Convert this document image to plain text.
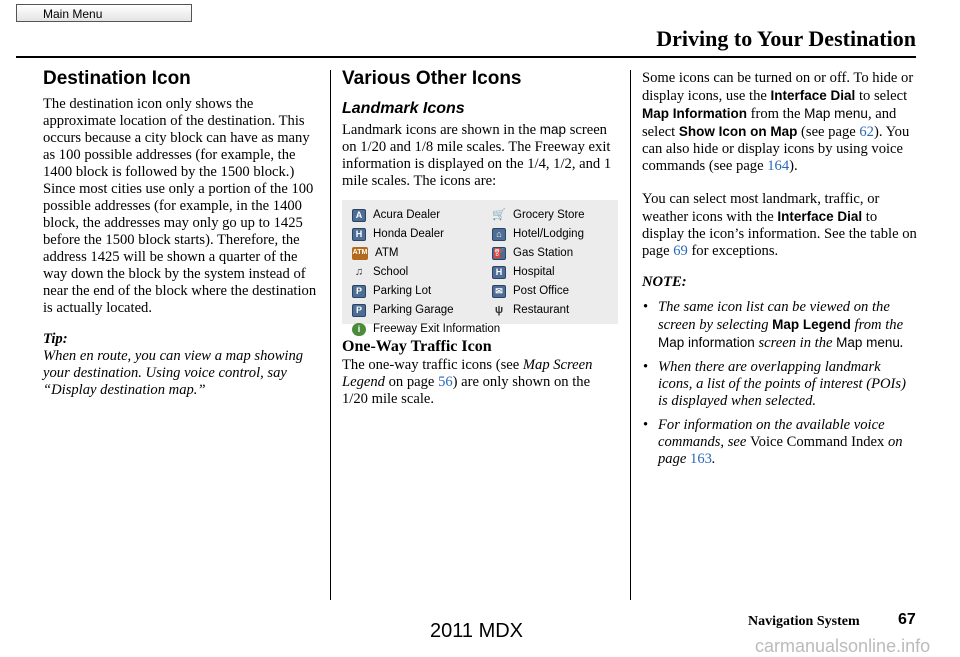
Main Menu
Driving to Your Destination
Destination Icon

The destination icon only shows the approximate location of the destination. This occurs because a city block can have as many as 100 possible addresses (for example, the 1400 block is followed by the 1500 block.) Since most cities use only a portion of the 100 possible addresses (for example, in the 1400 block, the addresses may only go up to 1425 before the 1500 block starts). Therefore, the address 1425 will be shown a quarter of the way down the block by the system instead of near the end of the block where the destination is actually located.

Tip:

When en route, you can view a map showing your destination. Using voice control, say “Display destination map.”

Various Other Icons
Landmark Icons

Landmark icons are shown in the map screen on 1/20 and 1/8 mile scales. The Freeway exit information is displayed on the 1/4, 1/2, and 1 mile scales. The icons are:

A Acura Dealer	🛒 Grocery Store
H Honda Dealer	⌂ Hotel/Lodging
ATM ATM	⛽ Gas Station
♫ School	H Hospital
P Parking Lot	✉ Post Office
P Parking Garage	ψ Restaurant
i	Freeway Exit Information
One-Way Traffic Icon

The one-way traffic icons (see Map Screen Legend on page 56) are only shown on the 1/20 mile scale.

Some icons can be turned on or off. To hide or display icons, use the Interface Dial to select Map Information from the Map menu, and select Show Icon on Map (see page 62). You can also hide or display icons by using voice commands (see page 164).

You can select most landmark, traffic, or weather icons with the Interface Dial to display the icon’s information. See the table on page 69 for exceptions.

NOTE:

• The same icon list can be viewed on the screen by selecting Map Legend from the Map information screen in the Map menu.
• When there are overlapping landmark icons, a list of the points of interest (POIs) is displayed when selected.
• For information on the available voice commands, see Voice Command Index on page 163.
Navigation System 67
2011 MDX
carmanualsonline.info
